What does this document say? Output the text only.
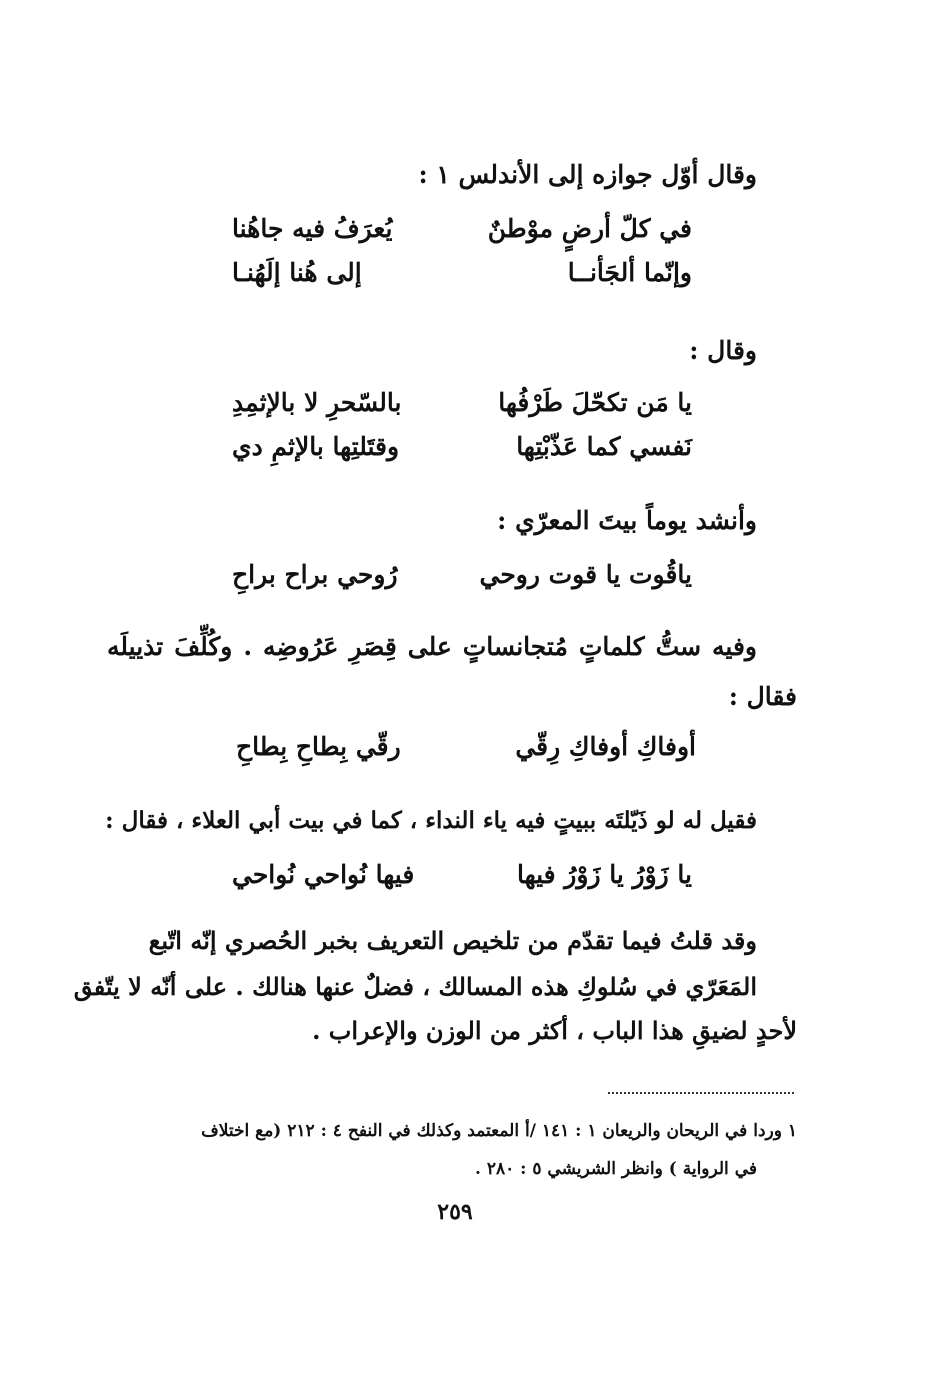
وقال أوّل جوازه إلى الأندلس ١ :
في كلّ أرضٍ موْطنٌ
يُعرَفُ فيه جاهُنا
وإنّما ألجَأنــا
إلى هُنا إلَهُنـا
وقال :
يا مَن تكحّلَ طَرْفُها
بالسّحرِ لا بالإثمِدِ
نَفسي كما عَذّبْتِها
وقتَلتِها بالإثمِ دي
وأنشد يوماً بيتَ المعرّي :
ياقُوت يا قوت روحي
رُوحي براح براحِ
وفيه ستُّ كلماتٍ مُتجانساتٍ على قِصَرِ عَرُوضِه . وكُلِّفَ تذييلَه
فقال :
أوفاكِ أوفاكِ رِقّي
رقّي بِطاحِ بِطاحِ
فقيل له لو ذَيّلتَه ببيتٍ فيه ياء النداء ، كما في بيت أبي العلاء ، فقال :
يا زَوْرُ يا زَوْرُ فيها
فيها نُواحي نُواحي
وقد قلتُ فيما تقدّم من تلخيص التعريف بخبر الحُصري إنّه اتّبع
المَعَرّي في سُلوكِ هذه المسالك ، فضلٌ عنها هنالك . على أنّه لا يتّفق
لأحدٍ لضيقِ هذا الباب ، أكثر من الوزن والإعراب .
١ وردا في الريحان والريعان ١ : ١٤١ /أ المعتمد وكذلك في النفح ٤ : ٢١٢ (مع اختلاف
في الرواية ) وانظر الشريشي ٥ : ٢٨٠ .
٢٥٩
